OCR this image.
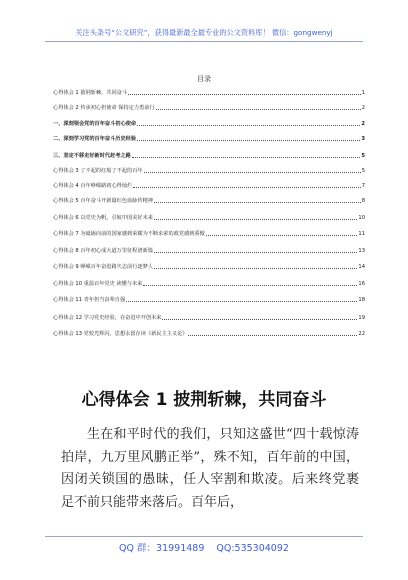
关注头条号“公文研究”，获得最新最全最专业的公文资料库！ 微信：gongwenyj
目录
心得体会 1 披荆斩棘，共同奋斗	1
心得体会 2 传承初心担使命 保持定力勇前行	2
一、深刻领会党的百年奋斗初心使命	2
二、深刻学习党的百年奋斗历史经验	3
三、坚定不移走好新时代赶考之路	5
心得体会 3 了不起的红船了不起的百年	5
心得体会 4 百年峥嵘路初心得灿烂	7
心得体会 5 百年奋斗开新篇红色血脉传精神	8
心得体会 6 以党史为帆，引航中国美好未来	10
心得体会 7 为砥砺向前的国家感到荣耀为不断求索的政党感到骄傲	11
心得体会 8 百年初心成大道万里征程谱新篇	13
心得体会 9 峥嵘百年奋进路矢志前行逐梦人	14
心得体会 10 重温百年党史 读懂与未来	16
心得体会 11 青年担当奋辈自强	18
心得体会 12 学习党史经验，在奋进中开创未来	19
心得体会 13 党校光辉闪，思想永留存读《新民主主义论》	22
心得体会 1 披荆斩棘，共同奋斗
生在和平时代的我们，只知这盛世“四十载惊涛拍岸，九万里风鹏正举”，殊不知，百年前的中国，因闭关锁国的愚昧，任人宰割和欺凌。后来终党裹足不前只能带来落后。百年后，
QQ 群：31991489 QQ:535304092
